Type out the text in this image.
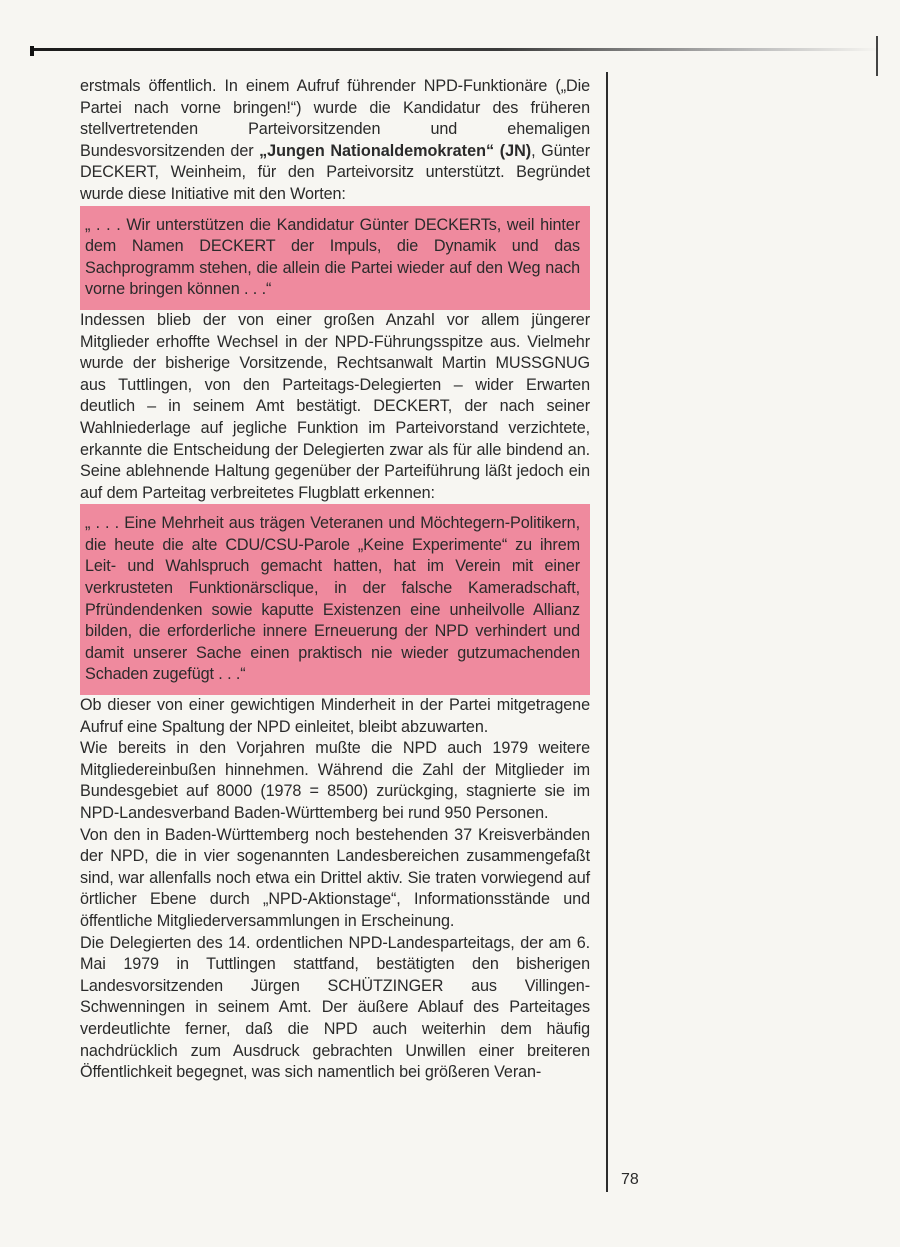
erstmals öffentlich. In einem Aufruf führender NPD-Funktionäre („Die Partei nach vorne bringen!“) wurde die Kandidatur des früheren stellvertretenden Parteivorsitzenden und ehemaligen Bundesvorsitzenden der „Jungen Nationaldemokraten“ (JN), Günter DECKERT, Weinheim, für den Parteivorsitz unterstützt. Begründet wurde diese Initiative mit den Worten:

„ . . . Wir unterstützen die Kandidatur Günter DECKERTs, weil hinter dem Namen DECKERT der Impuls, die Dynamik und das Sachprogramm stehen, die allein die Partei wieder auf den Weg nach vorne bringen können . . .“

Indessen blieb der von einer großen Anzahl vor allem jüngerer Mitglieder erhoffte Wechsel in der NPD-Führungsspitze aus. Vielmehr wurde der bisherige Vorsitzende, Rechtsanwalt Martin MUSSGNUG aus Tuttlingen, von den Parteitags-Delegierten – wider Erwarten deutlich – in seinem Amt bestätigt. DECKERT, der nach seiner Wahlniederlage auf jegliche Funktion im Parteivorstand verzichtete, erkannte die Entscheidung der Delegierten zwar als für alle bindend an. Seine ablehnende Haltung gegenüber der Parteiführung läßt jedoch ein auf dem Parteitag verbreitetes Flugblatt erkennen:

„ . . . Eine Mehrheit aus trägen Veteranen und Möchtegern-Politikern, die heute die alte CDU/CSU-Parole „Keine Experimente“ zu ihrem Leit- und Wahlspruch gemacht hatten, hat im Verein mit einer verkrusteten Funktionärsclique, in der falsche Kameradschaft, Pfründendenken sowie kaputte Existenzen eine unheilvolle Allianz bilden, die erforderliche innere Erneuerung der NPD verhindert und damit unserer Sache einen praktisch nie wieder gutzumachenden Schaden zugefügt . . .“

Ob dieser von einer gewichtigen Minderheit in der Partei mitgetragene Aufruf eine Spaltung der NPD einleitet, bleibt abzuwarten.

Wie bereits in den Vorjahren mußte die NPD auch 1979 weitere Mitgliedereinbußen hinnehmen. Während die Zahl der Mitglieder im Bundesgebiet auf 8000 (1978 = 8500) zurückging, stagnierte sie im NPD-Landesverband Baden-Württemberg bei rund 950 Personen.

Von den in Baden-Württemberg noch bestehenden 37 Kreisverbänden der NPD, die in vier sogenannten Landesbereichen zusammengefaßt sind, war allenfalls noch etwa ein Drittel aktiv. Sie traten vorwiegend auf örtlicher Ebene durch „NPD-Aktionstage“, Informationsstände und öffentliche Mitgliederversammlungen in Erscheinung.

Die Delegierten des 14. ordentlichen NPD-Landesparteitags, der am 6. Mai 1979 in Tuttlingen stattfand, bestätigten den bisherigen Landesvorsitzenden Jürgen SCHÜTZINGER aus Villingen-Schwenningen in seinem Amt. Der äußere Ablauf des Parteitages verdeutlichte ferner, daß die NPD auch weiterhin dem häufig nachdrücklich zum Ausdruck gebrachten Unwillen einer breiteren Öffentlichkeit begegnet, was sich namentlich bei größeren Veran-

78
